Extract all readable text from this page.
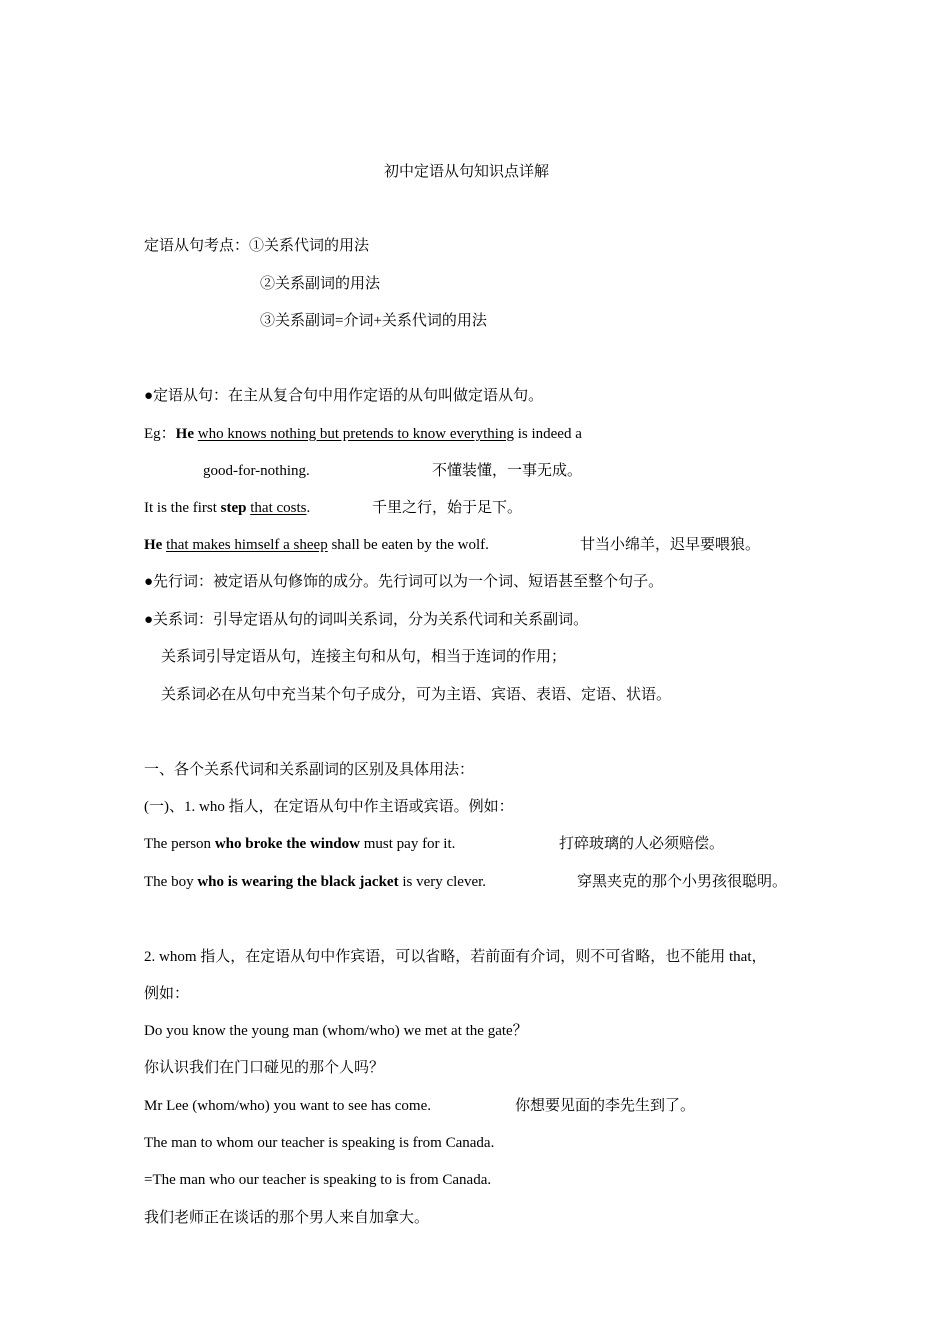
初中定语从句知识点详解
定语从句考点：①关系代词的用法
②关系副词的用法
③关系副词=介词+关系代词的用法
●定语从句：在主从复合句中用作定语的从句叫做定语从句。
Eg：He who knows nothing but pretends to know everything is indeed a
good-for-nothing.	不懂装懂，一事无成。
It is the first step that costs.	千里之行，始于足下。
He that makes himself a sheep shall be eaten by the wolf.	甘当小绵羊，迟早要喂狼。
●先行词：被定语从句修饰的成分。先行词可以为一个词、短语甚至整个句子。
●关系词：引导定语从句的词叫关系词，分为关系代词和关系副词。
关系词引导定语从句，连接主句和从句，相当于连词的作用；
关系词必在从句中充当某个句子成分，可为主语、宾语、表语、定语、状语。
一、各个关系代词和关系副词的区别及具体用法：
(一)、1. who 指人，在定语从句中作主语或宾语。例如：
The person who broke the window must pay for it.	打碎玻璃的人必须赔偿。
The boy who is wearing the black jacket is very clever.	穿黑夹克的那个小男孩很聪明。
2. whom 指人，在定语从句中作宾语，可以省略，若前面有介词，则不可省略，也不能用 that，
例如：
Do you know the young man (whom/who) we met at the gate？
你认识我们在门口碰见的那个人吗？
Mr Lee (whom/who) you want to see has come.	你想要见面的李先生到了。
The man to whom our teacher is speaking is from Canada.
=The man who our teacher is speaking to is from Canada.
我们老师正在谈话的那个男人来自加拿大。
